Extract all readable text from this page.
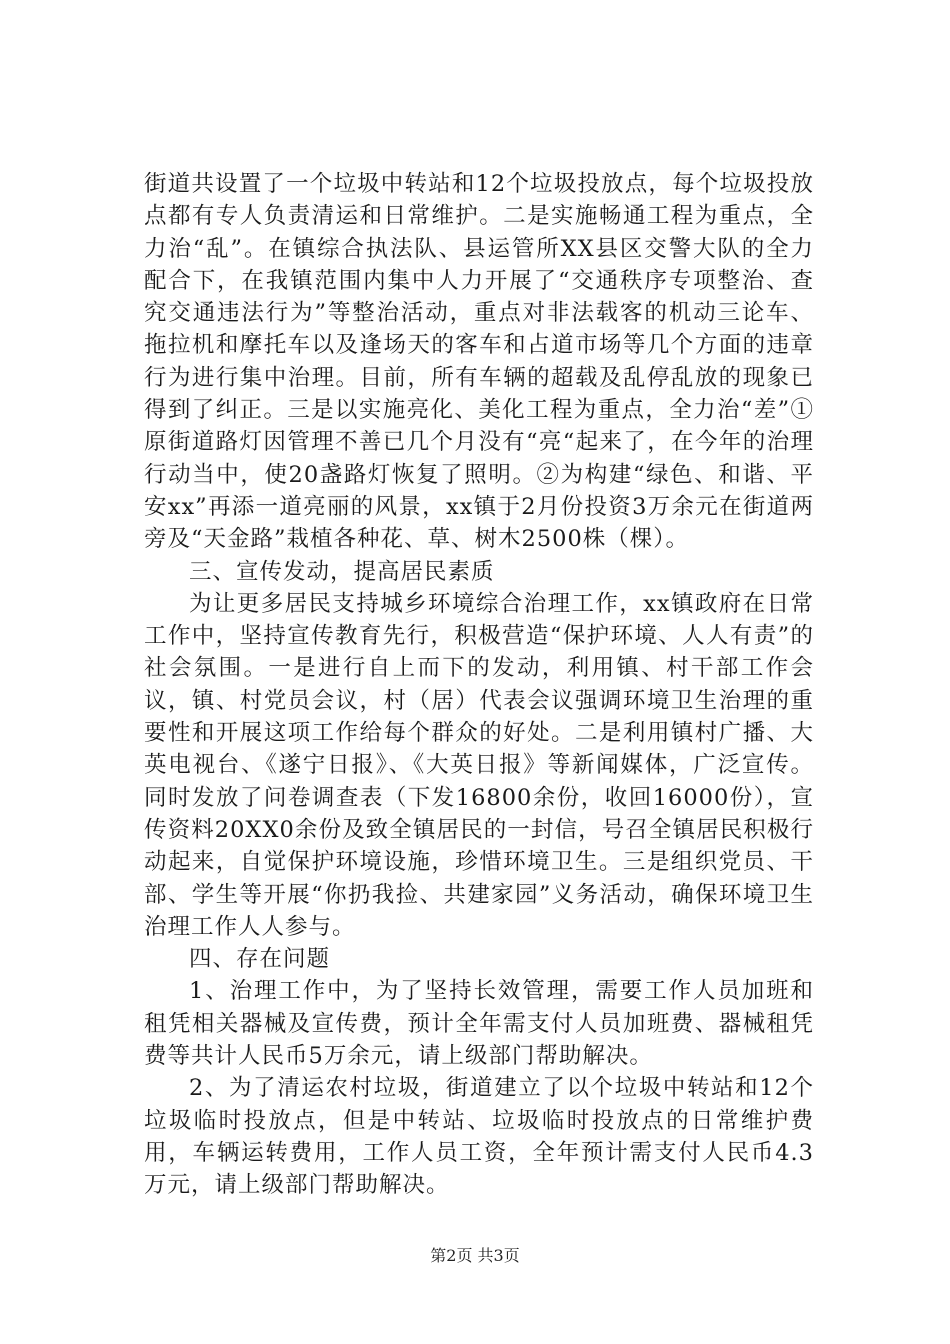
街道共设置了一个垃圾中转站和12个垃圾投放点，每个垃圾投放点都有专人负责清运和日常维护。二是实施畅通工程为重点，全力治“乱”。在镇综合执法队、县运管所XX县区交警大队的全力配合下，在我镇范围内集中人力开展了“交通秩序专项整治、查究交通违法行为”等整治活动，重点对非法载客的机动三论车、拖拉机和摩托车以及逢场天的客车和占道市场等几个方面的违章行为进行集中治理。目前，所有车辆的超载及乱停乱放的现象已得到了纠正。三是以实施亮化、美化工程为重点，全力治“差”①原街道路灯因管理不善已几个月没有“亮“起来了，在今年的治理行动当中，使20盏路灯恢复了照明。②为构建“绿色、和谐、平安xx”再添一道亮丽的风景，xx镇于2月份投资3万余元在街道两旁及“天金路”栽植各种花、草、树木2500株（棵）。

三、宣传发动，提高居民素质

为让更多居民支持城乡环境综合治理工作，xx镇政府在日常工作中，坚持宣传教育先行，积极营造“保护环境、人人有责”的社会氛围。一是进行自上而下的发动，利用镇、村干部工作会议，镇、村党员会议，村（居）代表会议强调环境卫生治理的重要性和开展这项工作给每个群众的好处。二是利用镇村广播、大英电视台、《遂宁日报》、《大英日报》等新闻媒体，广泛宣传。同时发放了问卷调查表（下发16800余份，收回16000份），宣传资料20XX0余份及致全镇居民的一封信，号召全镇居民积极行动起来，自觉保护环境设施，珍惜环境卫生。三是组织党员、干部、学生等开展“你扔我捡、共建家园”义务活动，确保环境卫生治理工作人人参与。

四、存在问题

1、治理工作中，为了坚持长效管理，需要工作人员加班和租凭相关器械及宣传费，预计全年需支付人员加班费、器械租凭费等共计人民币5万余元，请上级部门帮助解决。

2、为了清运农村垃圾，街道建立了以个垃圾中转站和12个垃圾临时投放点，但是中转站、垃圾临时投放点的日常维护费用，车辆运转费用，工作人员工资，全年预计需支付人民币4.3万元，请上级部门帮助解决。

第2页 共3页
